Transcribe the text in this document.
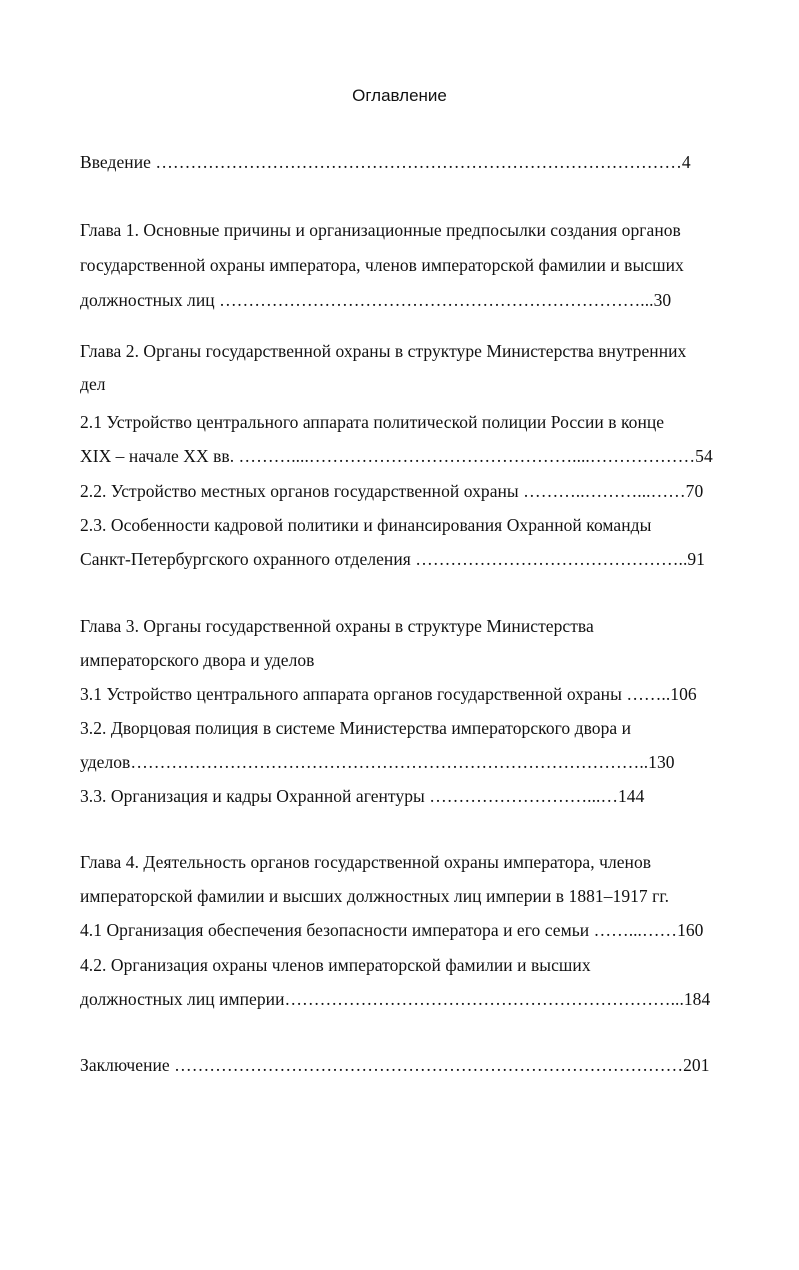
Оглавление
Введение ………………………………………………………………………………4
Глава 1. Основные причины и организационные предпосылки создания органов
государственной охраны императора, членов императорской фамилии и высших
должностных лиц ………………………………………………………………...30
Глава 2. Органы государственной охраны в структуре Министерства внутренних
дел
2.1 Устройство центрального аппарата политической полиции России в конце
XIX – начале XX вв. ………....………………………………………....………………54
2.2. Устройство местных органов государственной охраны ………..………...……70
2.3. Особенности кадровой политики и финансирования Охранной команды
Санкт-Петербургского охранного отделения ………………………………………..91
Глава 3. Органы государственной охраны в структуре Министерства
императорского двора и уделов
3.1 Устройство центрального аппарата органов государственной охраны ……..106
3.2. Дворцовая полиция в системе Министерства императорского двора и
уделов……………………………………………………………………………..130
3.3. Организация и кадры Охранной агентуры ………………………...…144
Глава 4. Деятельность органов государственной охраны императора, членов
императорской фамилии и высших должностных лиц империи в 1881–1917 гг.
4.1 Организация обеспечения безопасности императора и его семьи ……...……160
4.2. Организация охраны членов императорской фамилии и высших
должностных лиц империи…………………………………………………………...184
Заключение ……………………………………………………………………………201
